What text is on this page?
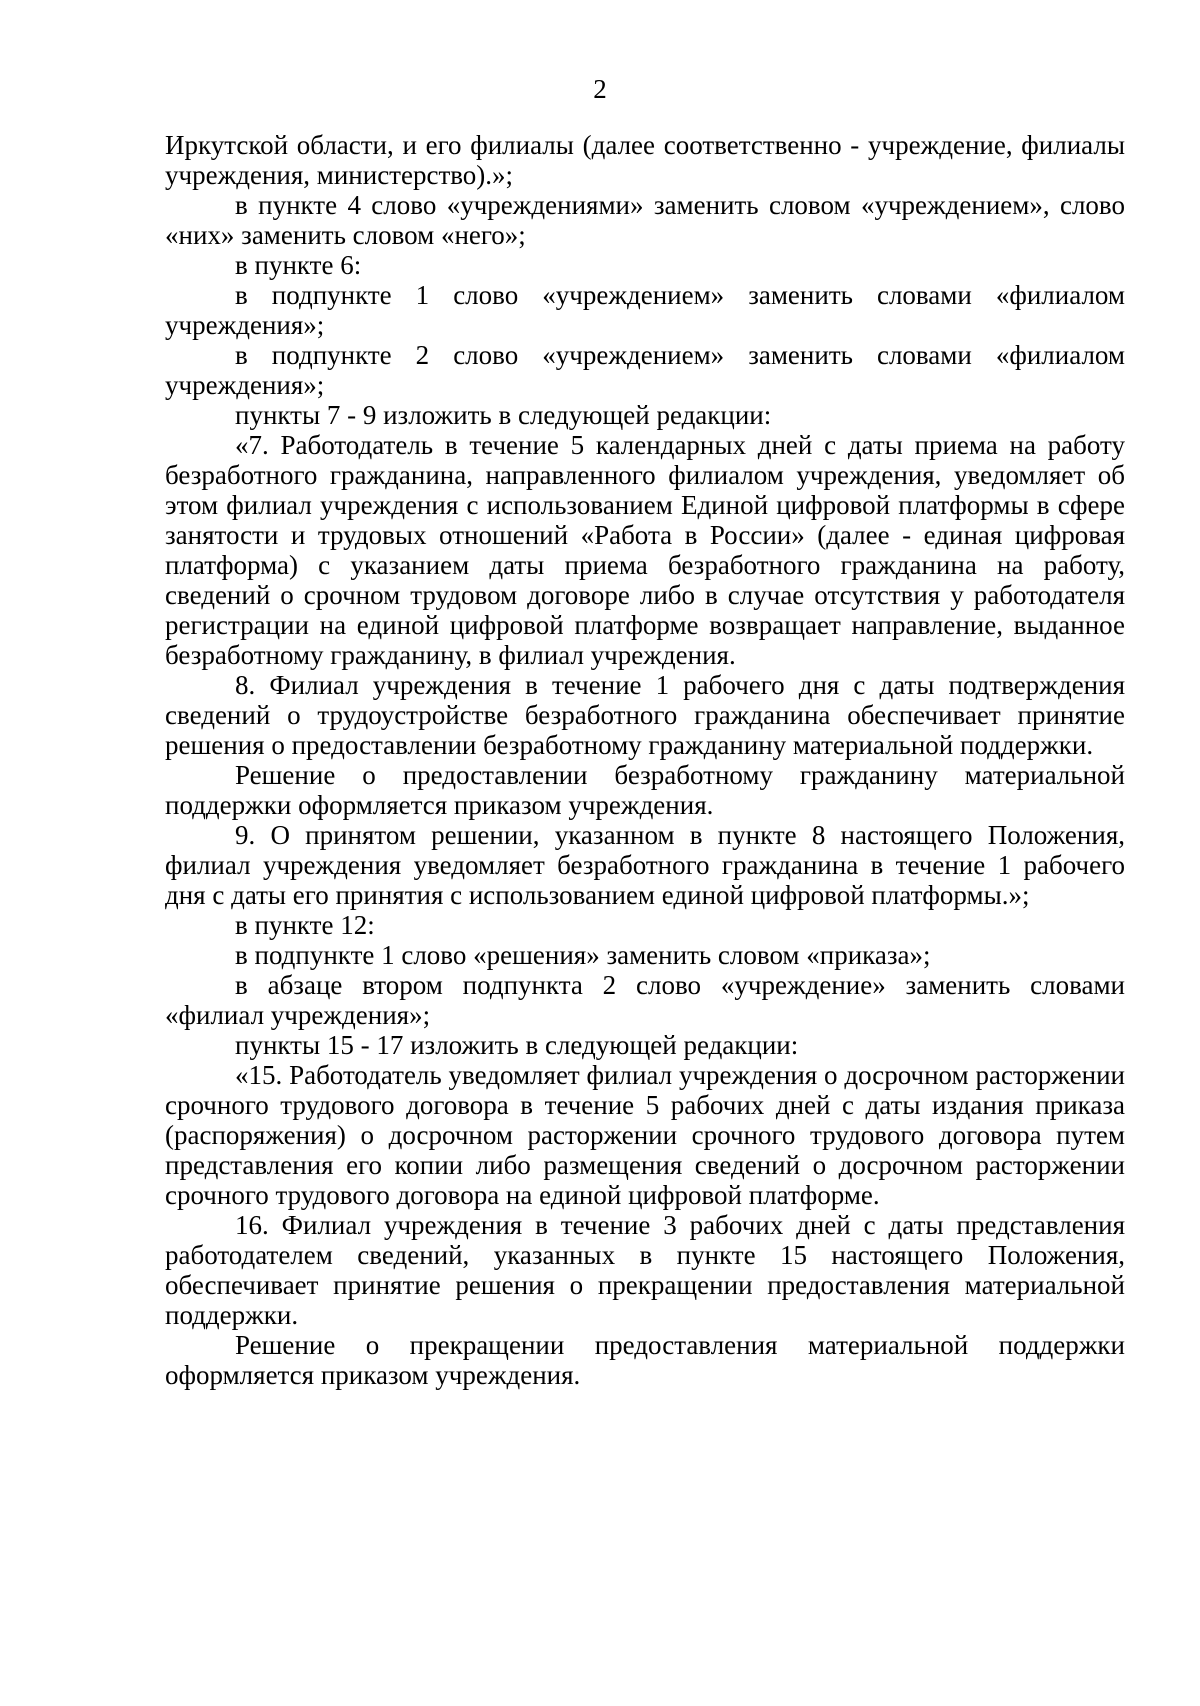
2

Иркутской области, и его филиалы (далее соответственно - учреждение, филиалы учреждения, министерство).»;

в пункте 4 слово «учреждениями» заменить словом «учреждением», слово «них» заменить словом «него»;

в пункте 6:

в подпункте 1 слово «учреждением» заменить словами «филиалом учреждения»;

в подпункте 2 слово «учреждением» заменить словами «филиалом учреждения»;

пункты 7 - 9 изложить в следующей редакции:

«7. Работодатель в течение 5 календарных дней с даты приема на работу безработного гражданина, направленного филиалом учреждения, уведомляет об этом филиал учреждения с использованием Единой цифровой платформы в сфере занятости и трудовых отношений «Работа в России» (далее - единая цифровая платформа) с указанием даты приема безработного гражданина на работу, сведений о срочном трудовом договоре либо в случае отсутствия у работодателя регистрации на единой цифровой платформе возвращает направление, выданное безработному гражданину, в филиал учреждения.

8. Филиал учреждения в течение 1 рабочего дня с даты подтверждения сведений о трудоустройстве безработного гражданина обеспечивает принятие решения о предоставлении безработному гражданину материальной поддержки.

Решение о предоставлении безработному гражданину материальной поддержки оформляется приказом учреждения.

9. О принятом решении, указанном в пункте 8 настоящего Положения, филиал учреждения уведомляет безработного гражданина в течение 1 рабочего дня с даты его принятия с использованием единой цифровой платформы.»;

в пункте 12:

в подпункте 1 слово «решения» заменить словом «приказа»;

в абзаце втором подпункта 2 слово «учреждение» заменить словами «филиал учреждения»;

пункты 15 - 17 изложить в следующей редакции:

«15. Работодатель уведомляет филиал учреждения о досрочном расторжении срочного трудового договора в течение 5 рабочих дней с даты издания приказа (распоряжения) о досрочном расторжении срочного трудового договора путем представления его копии либо размещения сведений о досрочном расторжении срочного трудового договора на единой цифровой платформе.

16. Филиал учреждения в течение 3 рабочих дней с даты представления работодателем сведений, указанных в пункте 15 настоящего Положения, обеспечивает принятие решения о прекращении предоставления материальной поддержки.

Решение о прекращении предоставления материальной поддержки оформляется приказом учреждения.
